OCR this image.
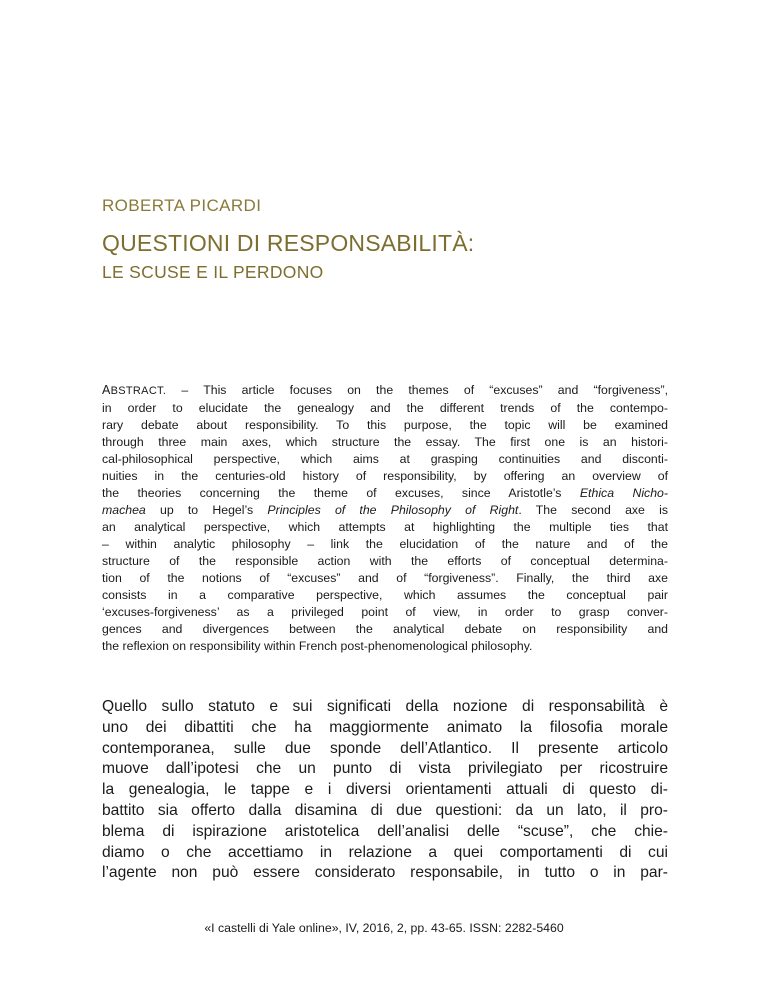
ROBERTA PICARDI
QUESTIONI DI RESPONSABILITÀ:
LE SCUSE E IL PERDONO
ABSTRACT. – This article focuses on the themes of “excuses” and “forgiveness”,
in order to elucidate the genealogy and the different trends of the contempo-
rary debate about responsibility. To this purpose, the topic will be examined
through three main axes, which structure the essay. The first one is an histori-
cal-philosophical perspective, which aims at grasping continuities and disconti-
nuities in the centuries-old history of responsibility, by offering an overview of
the theories concerning the theme of excuses, since Aristotle’s Ethica Nicho-
machea up to Hegel’s Principles of the Philosophy of Right. The second axe is
an analytical perspective, which attempts at highlighting the multiple ties that
– within analytic philosophy – link the elucidation of the nature and of the
structure of the responsible action with the efforts of conceptual determina-
tion of the notions of “excuses” and of “forgiveness”. Finally, the third axe
consists in a comparative perspective, which assumes the conceptual pair
‘excuses-forgiveness’ as a privileged point of view, in order to grasp conver-
gences and divergences between the analytical debate on responsibility and
the reflexion on responsibility within French post-phenomenological philosophy.
Quello sullo statuto e sui significati della nozione di responsabilità è
uno dei dibattiti che ha maggiormente animato la filosofia morale
contemporanea, sulle due sponde dell’Atlantico. Il presente articolo
muove dall’ipotesi che un punto di vista privilegiato per ricostruire
la genealogia, le tappe e i diversi orientamenti attuali di questo di-
battito sia offerto dalla disamina di due questioni: da un lato, il pro-
blema di ispirazione aristotelica dell’analisi delle “scuse”, che chie-
diamo o che accettiamo in relazione a quei comportamenti di cui
l’agente non può essere considerato responsabile, in tutto o in par-
«I castelli di Yale online», IV, 2016, 2, pp. 43-65. ISSN: 2282-5460
